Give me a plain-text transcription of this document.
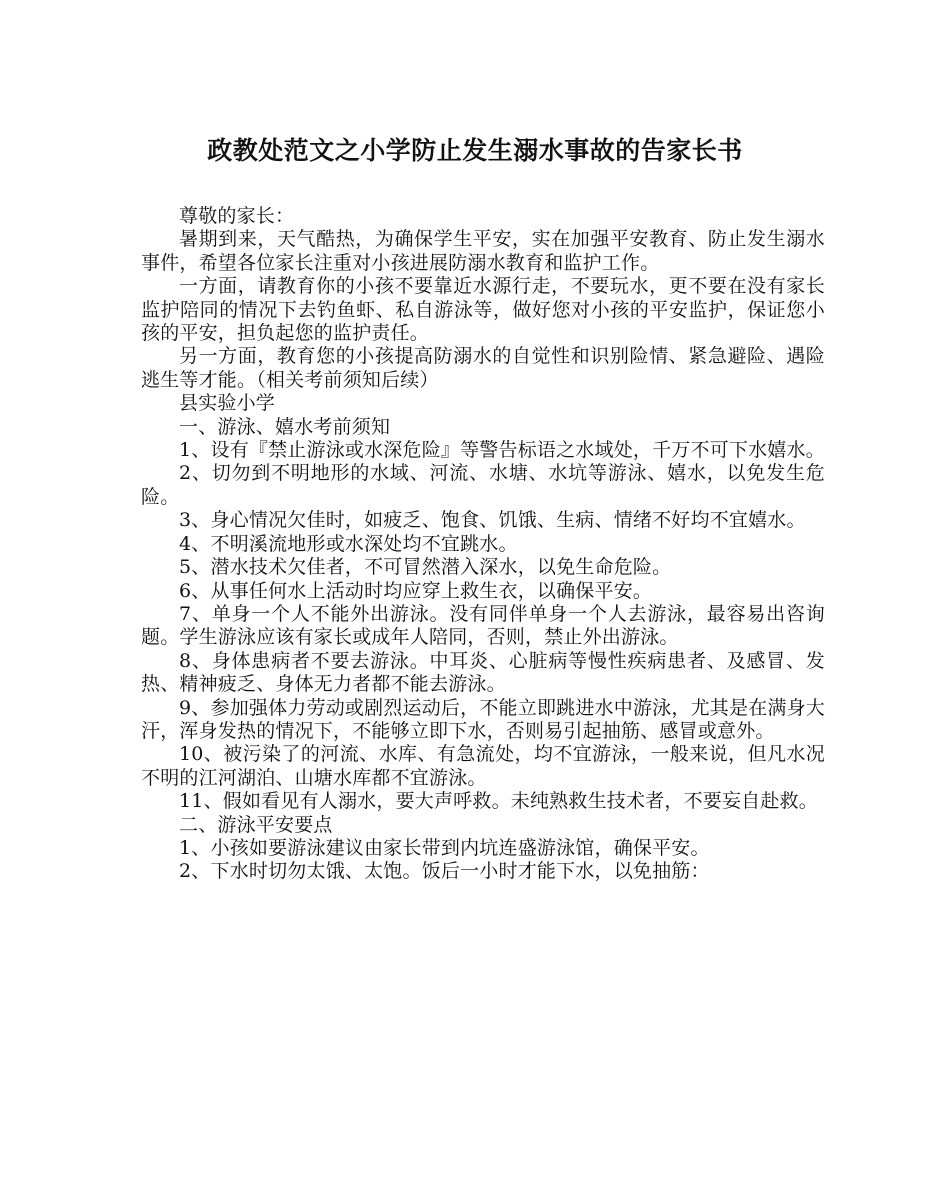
政教处范文之小学防止发生溺水事故的告家长书

尊敬的家长：

暑期到来，天气酷热，为确保学生平安，实在加强平安教育、防止发生溺水事件，希望各位家长注重对小孩进展防溺水教育和监护工作。

一方面，请教育你的小孩不要靠近水源行走，不要玩水，更不要在没有家长监护陪同的情况下去钓鱼虾、私自游泳等，做好您对小孩的平安监护，保证您小孩的平安，担负起您的监护责任。

另一方面，教育您的小孩提高防溺水的自觉性和识别险情、紧急避险、遇险逃生等才能。（相关考前须知后续）

县实验小学

一、游泳、嬉水考前须知

1、设有『禁止游泳或水深危险』等警告标语之水域处，千万不可下水嬉水。

2、切勿到不明地形的水域、河流、水塘、水坑等游泳、嬉水，以免发生危险。

3、身心情况欠佳时，如疲乏、饱食、饥饿、生病、情绪不好均不宜嬉水。

4、不明溪流地形或水深处均不宜跳水。

5、潜水技术欠佳者，不可冒然潜入深水，以免生命危险。

6、从事任何水上活动时均应穿上救生衣，以确保平安。

7、单身一个人不能外出游泳。没有同伴单身一个人去游泳，最容易出咨询题。学生游泳应该有家长或成年人陪同，否则，禁止外出游泳。

8、身体患病者不要去游泳。中耳炎、心脏病等慢性疾病患者、及感冒、发热、精神疲乏、身体无力者都不能去游泳。

9、参加强体力劳动或剧烈运动后，不能立即跳进水中游泳，尤其是在满身大汗，浑身发热的情况下，不能够立即下水，否则易引起抽筋、感冒或意外。

10、被污染了的河流、水库、有急流处，均不宜游泳，一般来说，但凡水况不明的江河湖泊、山塘水库都不宜游泳。

11、假如看见有人溺水，要大声呼救。未纯熟救生技术者，不要妄自赴救。

二、游泳平安要点

1、小孩如要游泳建议由家长带到内坑连盛游泳馆，确保平安。

2、下水时切勿太饿、太饱。饭后一小时才能下水，以免抽筋：
